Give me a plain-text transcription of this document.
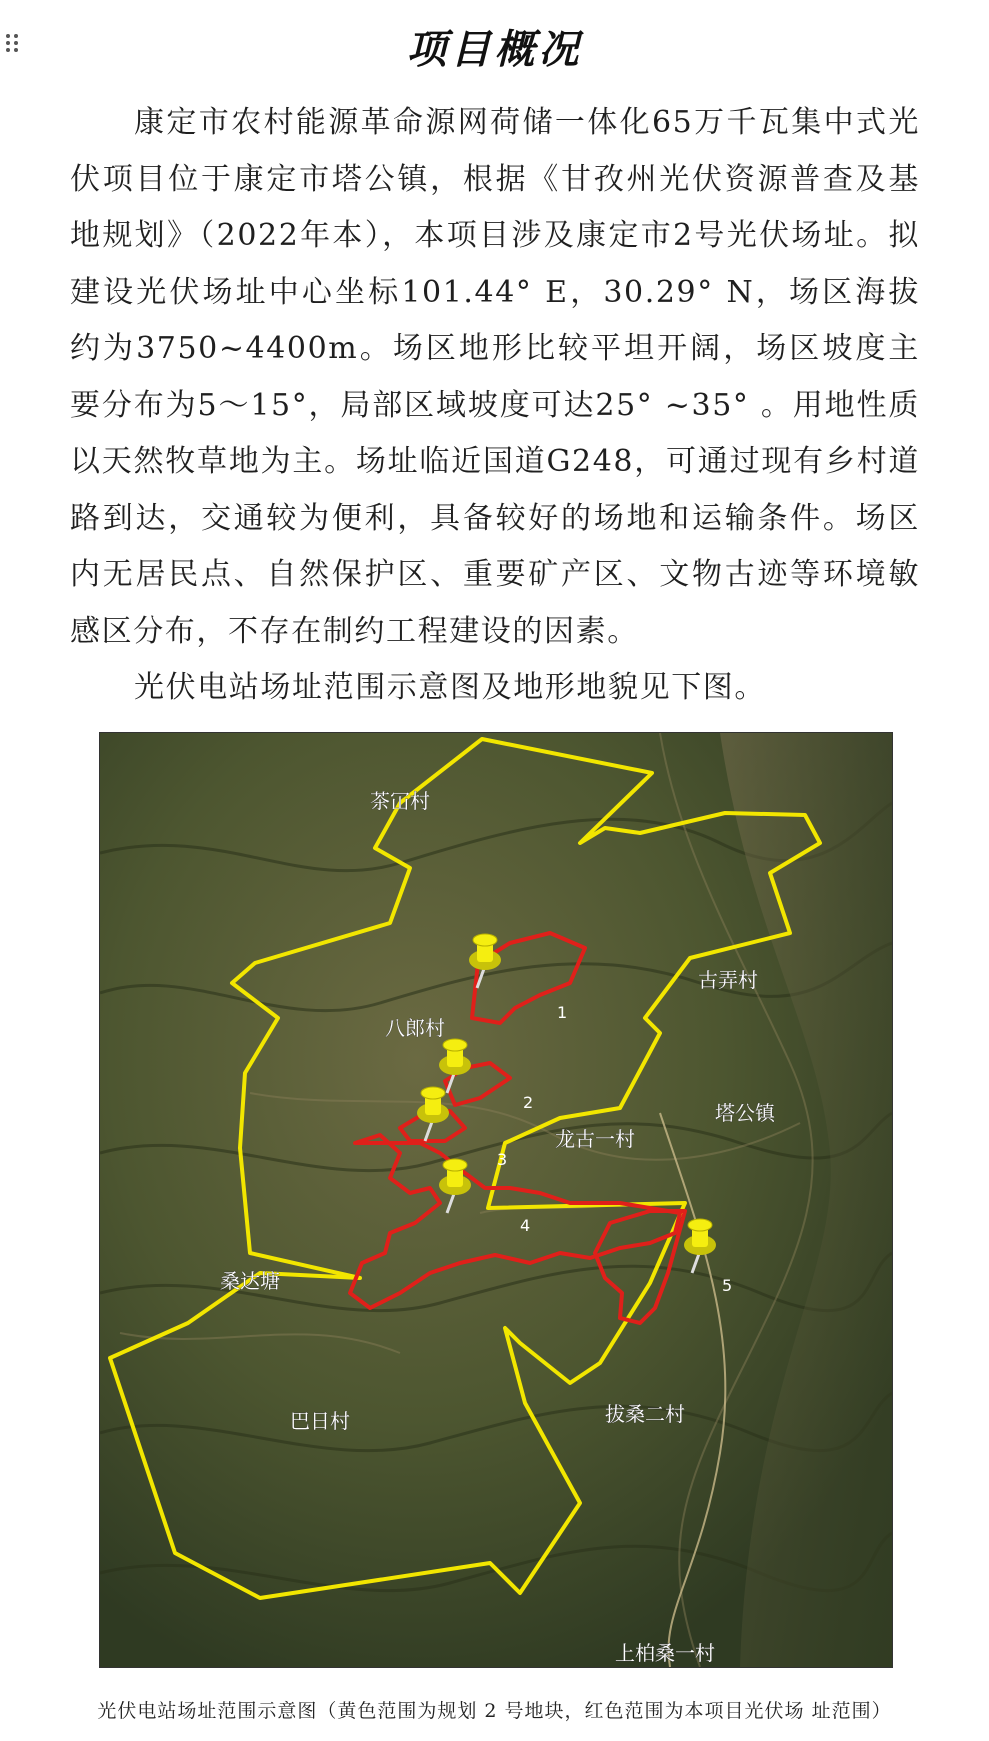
项目概况
康定市农村能源革命源网荷储一体化65万千瓦集中式光伏项目位于康定市塔公镇，根据《甘孜州光伏资源普查及基地规划》（2022年本），本项目涉及康定市2号光伏场址。拟建设光伏场址中心坐标101.44° E，30.29° N，场区海拔约为3750~4400m。场区地形比较平坦开阔，场区坡度主要分布为5～15°，局部区域坡度可达25° ~35° 。用地性质以天然牧草地为主。场址临近国道G248，可通过现有乡村道路到达，交通较为便利，具备较好的场地和运输条件。场区内无居民点、自然保护区、重要矿产区、文物古迹等环境敏感区分布，不存在制约工程建设的因素。
光伏电站场址范围示意图及地形地貌见下图。
1
2
3
4
5
茶冚村
八郎村
古弄村
塔公镇
龙古一村
桑达塘
巴日村	拔桑二村
上柏桑一村
光伏电站场址范围示意图（黄色范围为规划 2 号地块，红色范围为本项目光伏场 址范围）
